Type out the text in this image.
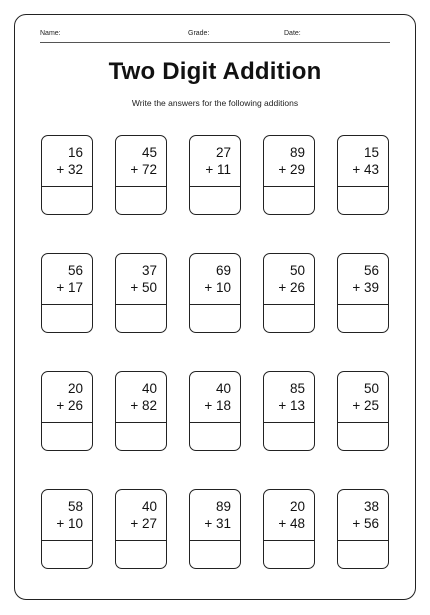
Name:	Grade:	Date:
Two Digit Addition
Write the answers for the following additions
16
+ 32
45
+ 72
27
+ 11
89
+ 29
15
+ 43
56
+ 17
37
+ 50
69
+ 10
50
+ 26
56
+ 39
20
+ 26
40
+ 82
40
+ 18
85
+ 13
50
+ 25
58
+ 10
40
+ 27
89
+ 31
20
+ 48
38
+ 56
